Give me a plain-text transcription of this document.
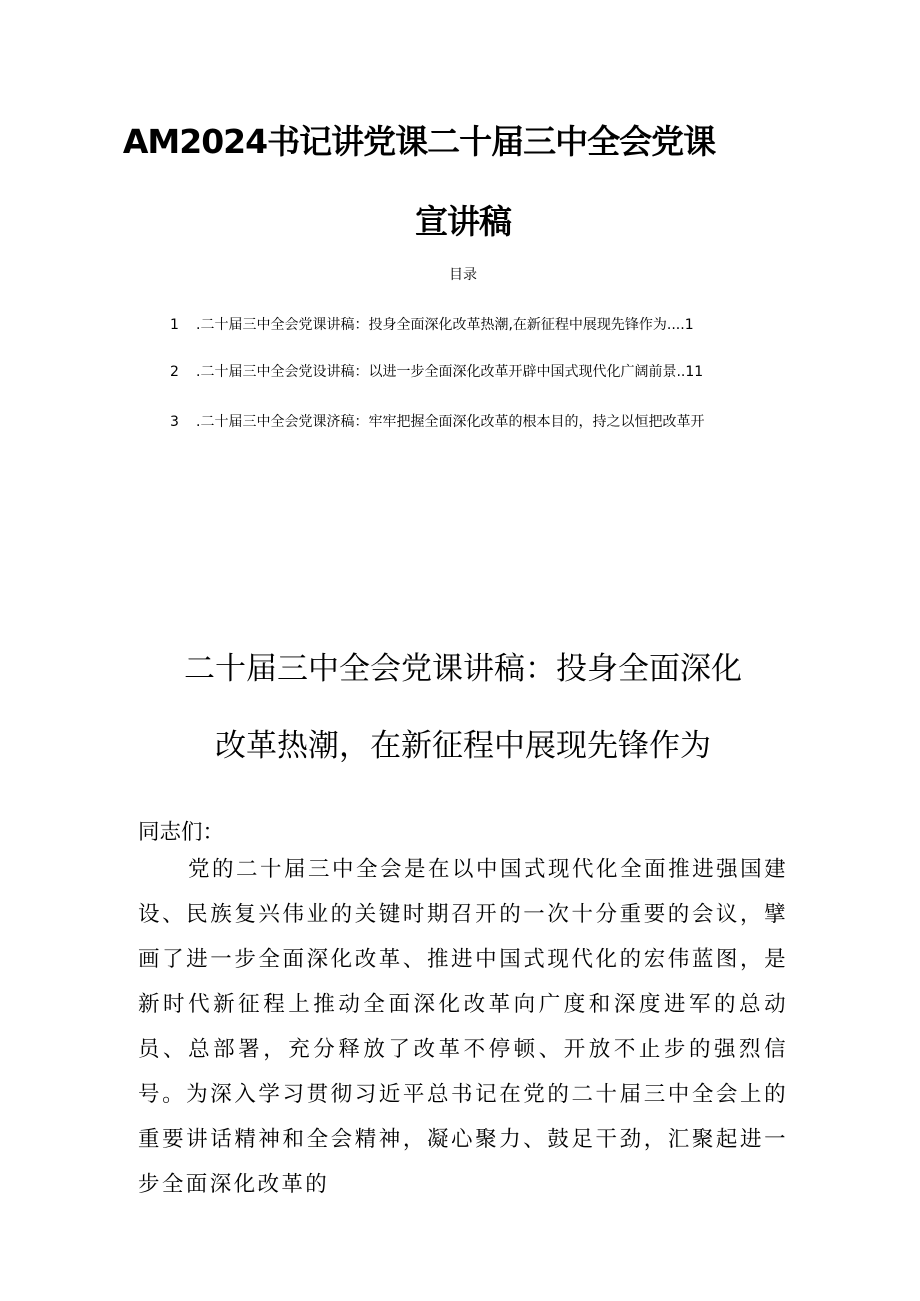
AM2024书记讲党课二十届三中全会党课
宣讲稿
目录
1 .二十届三中全会党课讲稿：投身全面深化改革热潮,在新征程中展现先锋作为....1
2 .二十届三中全会党设讲稿：以进一步全面深化改革开辟中国式现代化广阔前景..11
3 .二十届三中全会党课济稿：牢牢把握全面深化改革的根本目的，持之以恒把改革开
二十届三中全会党课讲稿：投身全面深化
改革热潮，在新征程中展现先锋作为
同志们：
党的二十届三中全会是在以中国式现代化全面推进强国建设、民族复兴伟业的关键时期召开的一次十分重要的会议，擘画了进一步全面深化改革、推进中国式现代化的宏伟蓝图，是新时代新征程上推动全面深化改革向广度和深度进军的总动员、总部署，充分释放了改革不停顿、开放不止步的强烈信号。为深入学习贯彻习近平总书记在党的二十届三中全会上的重要讲话精神和全会精神，凝心聚力、鼓足干劲，汇聚起进一步全面深化改革的
